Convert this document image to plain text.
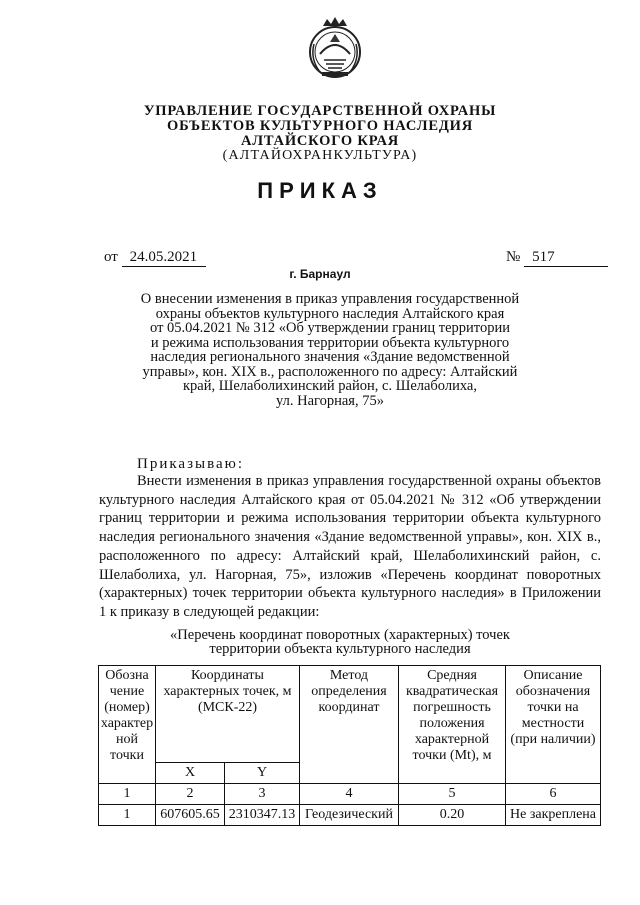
УПРАВЛЕНИЕ ГОСУДАРСТВЕННОЙ ОХРАНЫ
ОБЪЕКТОВ КУЛЬТУРНОГО НАСЛЕДИЯ
АЛТАЙСКОГО КРАЯ
(АЛТАЙОХРАНКУЛЬТУРА)
ПРИКАЗ
от 24.05.2021	№ 517
г. Барнаул
О внесении изменения в приказ управления государственной
охраны объектов культурного наследия Алтайского края
от 05.04.2021 № 312 «Об утверждении границ территории
и режима использования территории объекта культурного
наследия регионального значения «Здание ведомственной
управы», кон. XIX в., расположенного по адресу: Алтайский
край, Шелаболихинский район, с. Шелаболиха,
ул. Нагорная, 75»
Приказываю:

Внести изменения в приказ управления государственной охраны объектов культурного наследия Алтайского края от 05.04.2021 № 312 «Об утверждении границ территории и режима использования территории объекта культурного наследия регионального значения «Здание ведомственной управы», кон. XIX в., расположенного по адресу: Алтайский край, Шелаболихинский район, с. Шелаболиха, ул. Нагорная, 75», изложив «Перечень координат поворотных (характерных) точек территории объекта культурного наследия» в Приложении 1 к приказу в следующей редакции:

«Перечень координат поворотных (характерных) точек
территории объекта культурного наследия
Обозна чение (номер) характер ной точки	Координаты характерных точек, м (МСК-22)		Метод определения координат	Средняя квадратическая погрешность положения характерной точки (Mt), м	Описание обозначения точки на местности (при наличии)
	X	Y			
1	2	3	4	5	6
1	607605.65	2310347.13	Геодезический	0.20	Не закреплена
